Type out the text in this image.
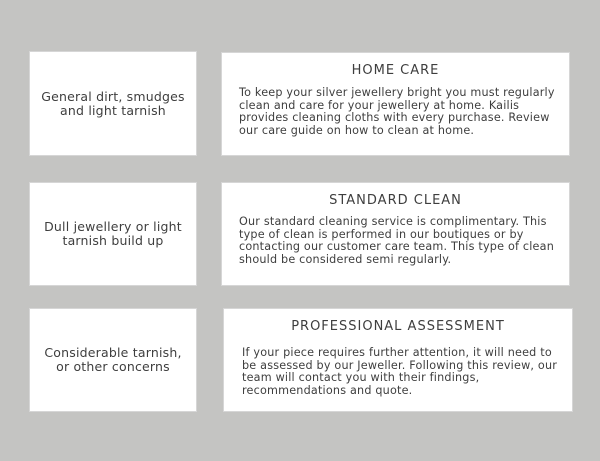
General dirt, smudges and light tarnish
HOME CARE

To keep your silver jewellery bright you must regularly clean and care for your jewellery at home. Kailis provides cleaning cloths with every purchase. Review our care guide on how to clean at home.

Dull jewellery or light tarnish build up
STANDARD CLEAN

Our standard cleaning service is complimentary. This type of clean is performed in our boutiques or by contacting our customer care team. This type of clean should be considered semi regularly.

Considerable tarnish, or other concerns
PROFESSIONAL ASSESSMENT

If your piece requires further attention, it will need to be assessed by our Jeweller. Following this review, our team will contact you with their findings, recommendations and quote.
